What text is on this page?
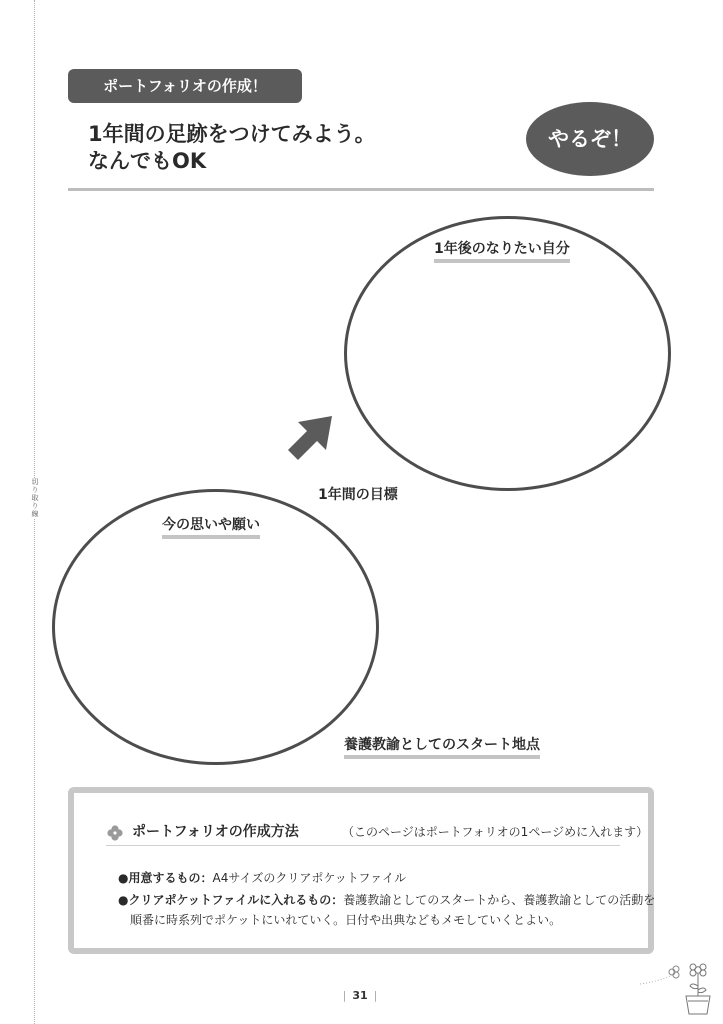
切り取り線
ポートフォリオの作成！
1年間の足跡をつけてみよう。
なんでもOK
やるぞ！
1年後のなりたい自分
1年間の目標
今の思いや願い
養護教諭としてのスタート地点
ポートフォリオの作成方法	（このページはポートフォリオの1ページめに入れます）
●用意するもの：A4サイズのクリアポケットファイル
●クリアポケットファイルに入れるもの：養護教諭としてのスタートから、養護教諭としての活動を
順番に時系列でポケットにいれていく。日付や出典などもメモしていくとよい。
| 31 |
